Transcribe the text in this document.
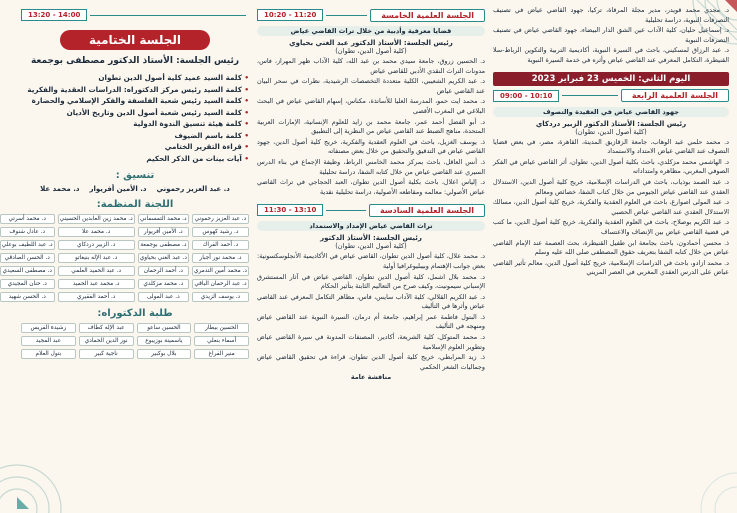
د. مجدي محمد قويدر، مدير مجلة المرقاة، تركيا، جهود القاضي عياض في تصنيف التصرفات النبوية، دراسة تحليلية
د. إسماعيل حليان، كلية الآداب عين الشق الدار البيضاء، جهود القاضي عياض في تصنيف التصرفات النبوية
د. عبد الرزاق لمسكيني، باحث في السيرة النبوية، أكاديمية التربية والتكوين الرباط-سلا القنيطرة، التكامل المعرفي عند القاضي عياض وأثره في خدمة السيرة النبوية
اليوم الثاني: الخميس 23 فبراير 2023
الجلسة العلمية الرابعة
09:00 - 10:10
جهود القاضي عياض في العقيدة والتصوف
رئيس الجلسة: الأستاذ الدكتور الزبير دردكاي
(كلية أصول الدين، تطوان)
د. محمد حلمي عبد الوهاب، جامعة الزقازيق المدينة، القاهرة، مصر، في بعض قضايا التصوف عند القاضي عياض الامتداد والاستمداد
د. الهاشمي محمد مزكلدي، باحث بكلية أصول الدين، تطوان، أثر القاضي عياض في الفكر الصوفي المغربي، مظاهره وامتداداته
د. عبد الصمد بوذياب، باحث في الدراسات الإسلامية، خريج كلية أصول الدين، الاستدلال العقدي عند القاضي عياض الجيومي من خلال كتاب الشفا، خصائص ومعالم
د. عبد المولى اصوارغ، باحث في العلوم العقدية والفكرية، خريج كلية أصول الدين، مسالك الاستدلال العقدي عند القاضي عياض الحصبي
د. عبد الكريم بوصلاح، باحث في العلوم العقدية والفكرية، خريج كلية أصول الدين، ما كتب في قضية القاضي عياض بين الإنصاف والاعتساف
ذ. محسن أحمادون، باحث بجامعة ابن طفيل القنيطرة، بحث العصمة عند الإمام القاضي عياض من خلال كتابه الشفا بتعريف حقوق المصطفى صلى الله عليه وسلم
د. محمد ازادو، باحث في الدراسات الإسلامية، خريج كلية أصول الدين، معالم تأثير القاضي عياض على الدرس العقدي المغربي في العصر المريني
الجلسة العلمية الخامسة
10:20 - 11:20
قضايا معرفية وأدبية من خلال تراث القاضي عياض
رئيس الجلسة: الأستاذ الدكتور عبد الغني بحياوي
(كلية أصول الدين، تطوان)
د. الحسين زروق، جامعة سيدي محمد بن عبد الله، كلية الآداب ظهر المهراز، فاس، مدونات التراث النقدي الأدبي للقاضي عياض
د. عبد الكريم الشعيبي، الكلية متعددة التخصصات الرشيدية، نظرات في سحر البيان عند القاضي عياض
د. محمد ايت حمو، المدرسة العليا للأساتذة، مكناس، إسهام القاضي عياض في البحث البلاغي في المغرب الأقصى
د. أبو الفضل أحمد عمر، جامعة محمد بن زايد للعلوم الإنسانية، الإمارات العربية المتحدة، مناهج الضبط عند القاضي عياض من النظرية إلى التطبيق
ذ. يوسف الغزيل، باحث في العلوم العقدية والفكرية، خريج كلية أصول الدين، جهود القاضي عياض في التدقيق والتحقيق من خلال بعض مصنفاته
ذ. أنس العاقل، باحث بمركز محمد الخامس الرباط، وظيفة الإجماع في بناء الدرس السيري عند القاضي عياض من خلال كتابه الشفا، دراسة تحليلية
د. إلياس اعلال، باحث بكلية أصول الدين تطوان، العبد الحجاجي في تراث القاضي عياض الأصولي: معالمه ومقاطعه الأصولية، دراسة تحليلية نقدية
الجلسة العلمية السادسة
11:30 - 13:10
تراث القاضي عياض الإمداد والاستمداد
رئيس الجلسة: الأستاذ الدكتور
(كلية أصول الدين، تطوان)
د. محمد علال، كلية أصول الدين تطوان، القاضي عياض في الأكاديمية الأنجلوسكسونية: بعض جوانب الإهتمام وبيبليوغرافيا أولية
د. محمد بلال اشمل، كلية أصول الدين تطوان، القاضي عياض في آثار المستشرق الإسباني سيمونيت، وكيف صرخ من التعاليم الثابتة بتأثير الحكام
د. عبد الكريم القلالي، كلية الآداب سايس، فاس، مظاهر التكامل المعرفي عند القاضي عياض وأثرها في التأليف
ذ. البتول فاطمة عمر إبراهيم، جامعة أم درمان، السيرة النبوية عند القاضي عياض ومنهجه في التأليف
د. محمد المتوكل، كلية الشريعة، أكادير، المصنفات المدونة في سيرة القاضي عياض وتطوير العلوم الإسلامية
ذ. زيد المرابطي، خريج كلية أصول الدين تطوان، قراءة في تحقيق القاضي عياض وجماليات الشعر الحكمي
مناقشة عامة
13:20 - 14:00
الجلسة الختامية
رئيس الجلسة: الأستاذ الدكتور مصطفى بوجمعة
• كلمة السيد عميد كلية أصول الدين تطوان
• كلمة السيد رئيس مركز الدكتوراه: الدراسات العقدية والفكرية
• كلمة السيد رئيس شعبة الفلسفة والفكر الإسلامي والحضارة
• كلمة السيد رئيس شعبة أصول الدين وتاريخ الأديان
• كلمة هيئة تنسيق الندوة الدولية
• كلمة باسم الضيوف
• قراءة التقرير الختامي
• آيات بينات من الذكر الحكيم
تنسيق :
د. عبد العزيز رحموني
د. الأمين أفريوار
د. محمد علا
اللجنة المنظمة:
د. عبد العزيز رحموني
د. محمد التمسماني
د. محمد زين العابدين الحسيني
د. محمد أسرتي
د. رشيد كهوس
د. الأمين أفريوار
د. محمد علا
د. عادل شنوف
د. أحمد الفراك
د. مصطفى بوجمعة
د. الزبير دردكاي
د. عبد اللطيف بوعلي
د. محمد نور أجبار
د. عبد الغني بحياوي
د. عبد الإله بنيغاتو
د. الحسن الصادقي
د. محمد أمين التدمري
د. أحمد الرحمان
د. عبد الحميد العلمي
د. مصطفى السعيدي
د. عبد الرحمان الباقي
د. محمد مزكلدي
د. محمد عبد الحميد
د. حنان المجيدي
د. يوسف الزيدي
د. عبد المولى
د. أحمد الفقيري
د. الحسن شهيد
طلبة الدكتوراه:
الحسين بيطار
الحسين ساعو
عبد الإله كطاف
رشيدة الفريس
أسماء بنعلي
ياسمينة بوزيبوع
نور الدين الحمادي
عبد المجيد
منير الفراغ
بلال بوكبير
ناجية كبير
بتول العلام
